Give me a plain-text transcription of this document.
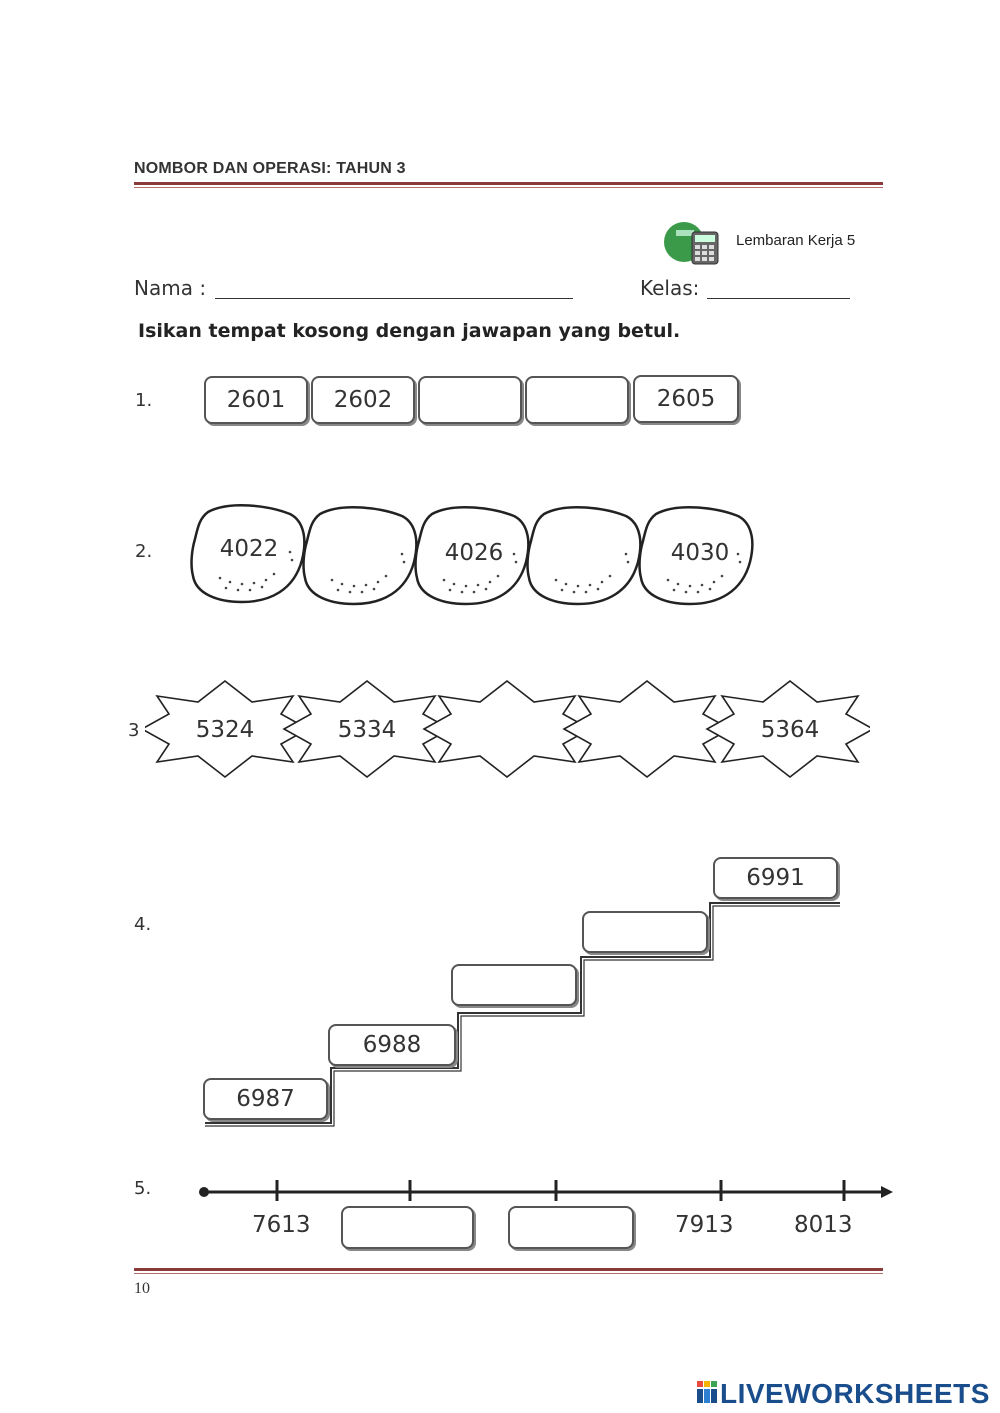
NOMBOR DAN OPERASI: TAHUN 3
Lembaran Kerja 5
Nama :	Kelas:
Isikan tempat kosong dengan jawapan yang betul.
1.	2601	2602	2605
2.	4022	4026	4030
3 5324	5334	5364
4.
6987
6988
6991
5.
7613	7913	8013
10
LIVEWORKSHEETS
